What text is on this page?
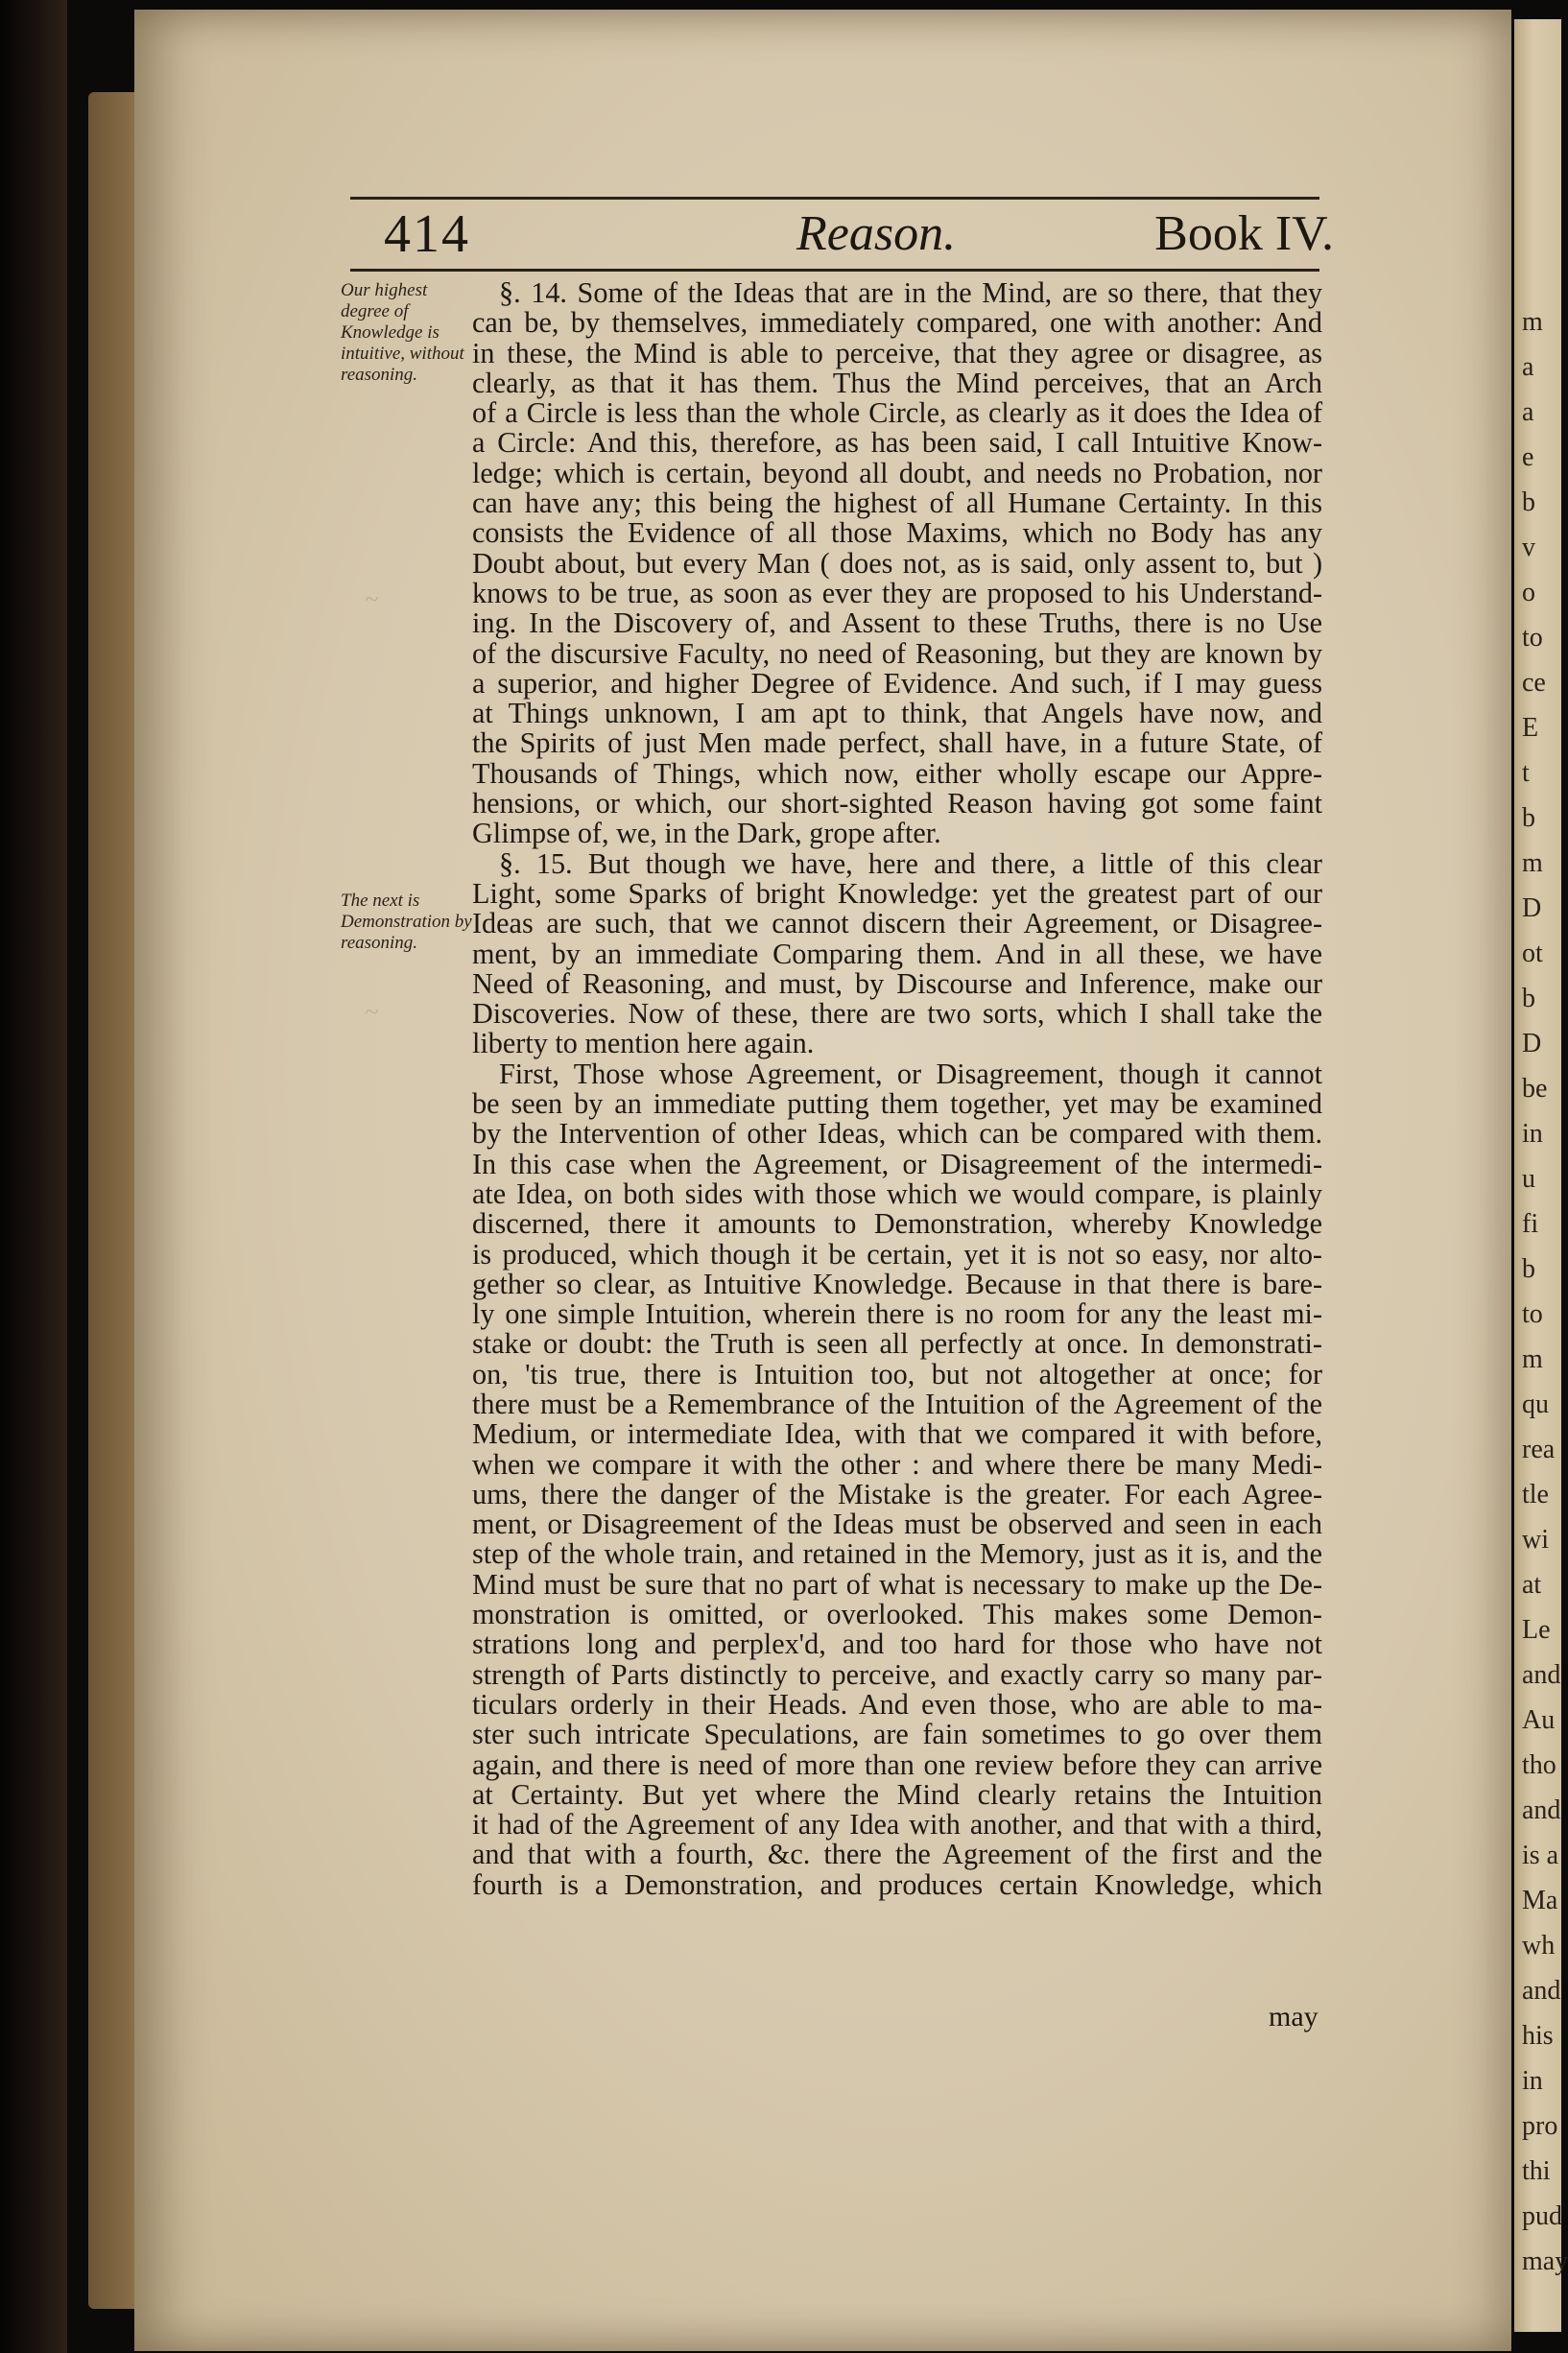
m
a
a
e
b
v
o
to
ce
E
t
b
m
D
ot
b
D
be
in
u
fi
b
to
m
qu
rea
tle
wi
at
Le
and
Au
tho
and
is a
Ma
wh
and
his
in
pro
thi
pud
may
414	Reason.	Book IV.
Our highest degree of Knowledge is intuitive, without reasoning.
The next is Demonstration by reasoning.
~
~
§. 14. Some of the Ideas that are in the Mind, are so there, that they
can be, by themselves, immediately compared, one with another: And
in these, the Mind is able to perceive, that they agree or disagree, as
clearly, as that it has them. Thus the Mind perceives, that an Arch
of a Circle is less than the whole Circle, as clearly as it does the Idea of
a Circle: And this, therefore, as has been said, I call Intuitive Know-
ledge; which is certain, beyond all doubt, and needs no Probation, nor
can have any; this being the highest of all Humane Certainty. In this
consists the Evidence of all those Maxims, which no Body has any
Doubt about, but every Man ( does not, as is said, only assent to, but )
knows to be true, as soon as ever they are proposed to his Understand-
ing. In the Discovery of, and Assent to these Truths, there is no Use
of the discursive Faculty, no need of Reasoning, but they are known by
a superior, and higher Degree of Evidence. And such, if I may guess
at Things unknown, I am apt to think, that Angels have now, and
the Spirits of just Men made perfect, shall have, in a future State, of
Thousands of Things, which now, either wholly escape our Appre-
hensions, or which, our short-sighted Reason having got some faint
Glimpse of, we, in the Dark, grope after.
§. 15. But though we have, here and there, a little of this clear
Light, some Sparks of bright Knowledge: yet the greatest part of our
Ideas are such, that we cannot discern their Agreement, or Disagree-
ment, by an immediate Comparing them. And in all these, we have
Need of Reasoning, and must, by Discourse and Inference, make our
Discoveries. Now of these, there are two sorts, which I shall take the
liberty to mention here again.
First, Those whose Agreement, or Disagreement, though it cannot
be seen by an immediate putting them together, yet may be examined
by the Intervention of other Ideas, which can be compared with them.
In this case when the Agreement, or Disagreement of the intermedi-
ate Idea, on both sides with those which we would compare, is plainly
discerned, there it amounts to Demonstration, whereby Knowledge
is produced, which though it be certain, yet it is not so easy, nor alto-
gether so clear, as Intuitive Knowledge. Because in that there is bare-
ly one simple Intuition, wherein there is no room for any the least mi-
stake or doubt: the Truth is seen all perfectly at once. In demonstrati-
on, 'tis true, there is Intuition too, but not altogether at once; for
there must be a Remembrance of the Intuition of the Agreement of the
Medium, or intermediate Idea, with that we compared it with before,
when we compare it with the other : and where there be many Medi-
ums, there the danger of the Mistake is the greater. For each Agree-
ment, or Disagreement of the Ideas must be observed and seen in each
step of the whole train, and retained in the Memory, just as it is, and the
Mind must be sure that no part of what is necessary to make up the De-
monstration is omitted, or overlooked. This makes some Demon-
strations long and perplex'd, and too hard for those who have not
strength of Parts distinctly to perceive, and exactly carry so many par-
ticulars orderly in their Heads. And even those, who are able to ma-
ster such intricate Speculations, are fain sometimes to go over them
again, and there is need of more than one review before they can arrive
at Certainty. But yet where the Mind clearly retains the Intuition
it had of the Agreement of any Idea with another, and that with a third,
and that with a fourth, &c. there the Agreement of the first and the
fourth is a Demonstration, and produces certain Knowledge, which
may
